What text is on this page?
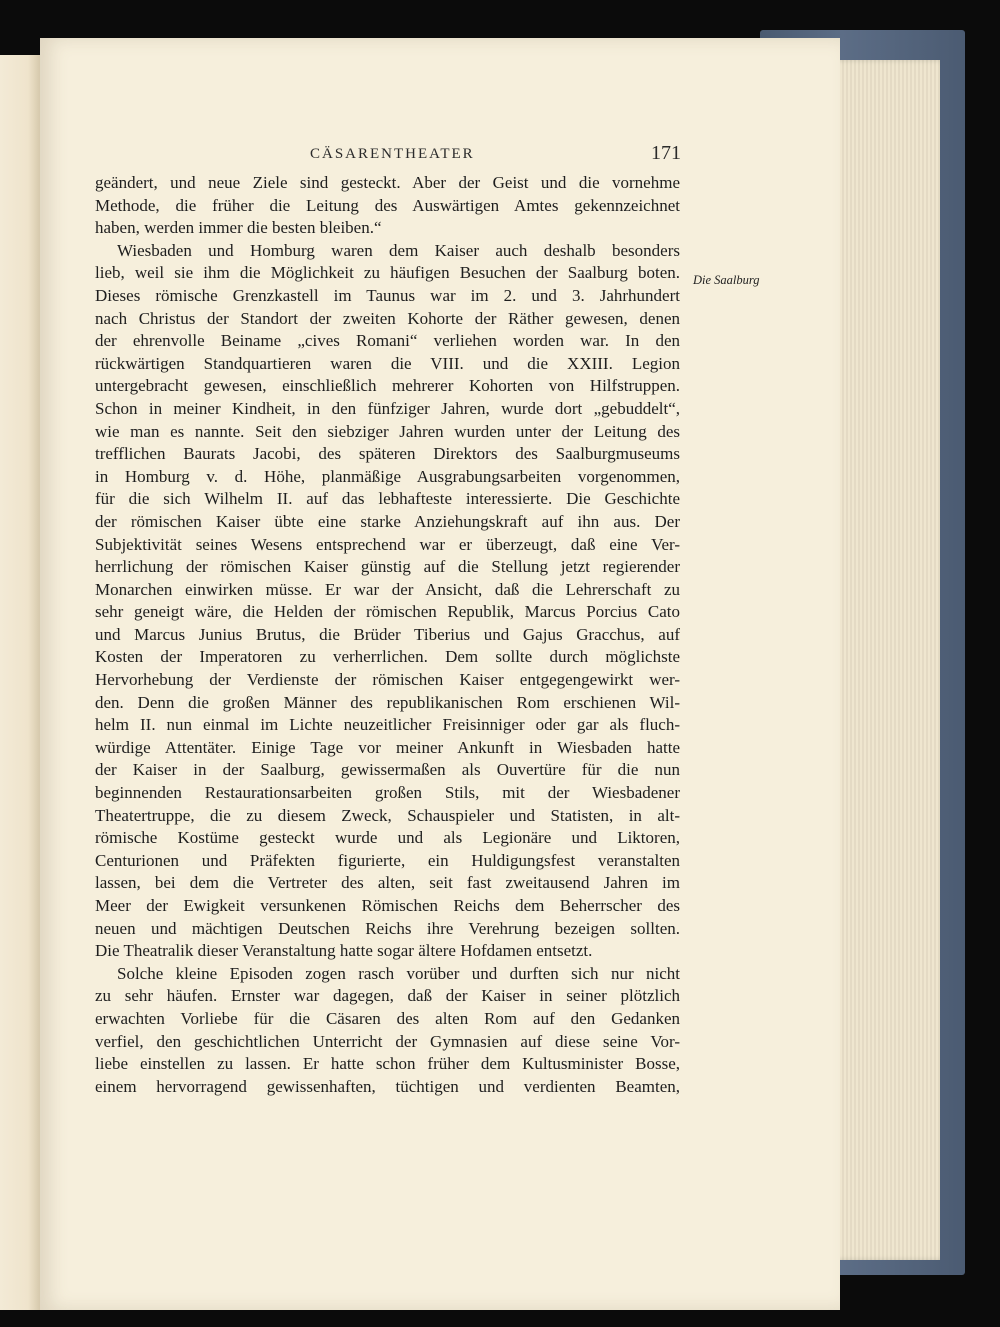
CÄSARENTHEATER	171
Die Saalburg
geändert, und neue Ziele sind gesteckt. Aber der Geist und die vornehme
Methode, die früher die Leitung des Auswärtigen Amtes gekennzeichnet
haben, werden immer die besten bleiben.“
Wiesbaden und Homburg waren dem Kaiser auch deshalb besonders
lieb, weil sie ihm die Möglichkeit zu häufigen Besuchen der Saalburg boten.
Dieses römische Grenzkastell im Taunus war im 2. und 3. Jahrhundert
nach Christus der Standort der zweiten Kohorte der Räther gewesen, denen
der ehrenvolle Beiname „cives Romani“ verliehen worden war. In den
rückwärtigen Standquartieren waren die VIII. und die XXIII. Legion
untergebracht gewesen, einschließlich mehrerer Kohorten von Hilfstruppen.
Schon in meiner Kindheit, in den fünfziger Jahren, wurde dort „gebuddelt“,
wie man es nannte. Seit den siebziger Jahren wurden unter der Leitung des
trefflichen Baurats Jacobi, des späteren Direktors des Saalburgmuseums
in Homburg v. d. Höhe, planmäßige Ausgrabungsarbeiten vorgenommen,
für die sich Wilhelm II. auf das lebhafteste interessierte. Die Geschichte
der römischen Kaiser übte eine starke Anziehungskraft auf ihn aus. Der
Subjektivität seines Wesens entsprechend war er überzeugt, daß eine Ver-
herrlichung der römischen Kaiser günstig auf die Stellung jetzt regierender
Monarchen einwirken müsse. Er war der Ansicht, daß die Lehrerschaft zu
sehr geneigt wäre, die Helden der römischen Republik, Marcus Porcius Cato
und Marcus Junius Brutus, die Brüder Tiberius und Gajus Gracchus, auf
Kosten der Imperatoren zu verherrlichen. Dem sollte durch möglichste
Hervorhebung der Verdienste der römischen Kaiser entgegengewirkt wer-
den. Denn die großen Männer des republikanischen Rom erschienen Wil-
helm II. nun einmal im Lichte neuzeitlicher Freisinniger oder gar als fluch-
würdige Attentäter. Einige Tage vor meiner Ankunft in Wiesbaden hatte
der Kaiser in der Saalburg, gewissermaßen als Ouvertüre für die nun
beginnenden Restaurationsarbeiten großen Stils, mit der Wiesbadener
Theatertruppe, die zu diesem Zweck, Schauspieler und Statisten, in alt-
römische Kostüme gesteckt wurde und als Legionäre und Liktoren,
Centurionen und Präfekten figurierte, ein Huldigungsfest veranstalten
lassen, bei dem die Vertreter des alten, seit fast zweitausend Jahren im
Meer der Ewigkeit versunkenen Römischen Reichs dem Beherrscher des
neuen und mächtigen Deutschen Reichs ihre Verehrung bezeigen sollten.
Die Theatralik dieser Veranstaltung hatte sogar ältere Hofdamen entsetzt.
Solche kleine Episoden zogen rasch vorüber und durften sich nur nicht
zu sehr häufen. Ernster war dagegen, daß der Kaiser in seiner plötzlich
erwachten Vorliebe für die Cäsaren des alten Rom auf den Gedanken
verfiel, den geschichtlichen Unterricht der Gymnasien auf diese seine Vor-
liebe einstellen zu lassen. Er hatte schon früher dem Kultusminister Bosse,
einem hervorragend gewissenhaften, tüchtigen und verdienten Beamten,
